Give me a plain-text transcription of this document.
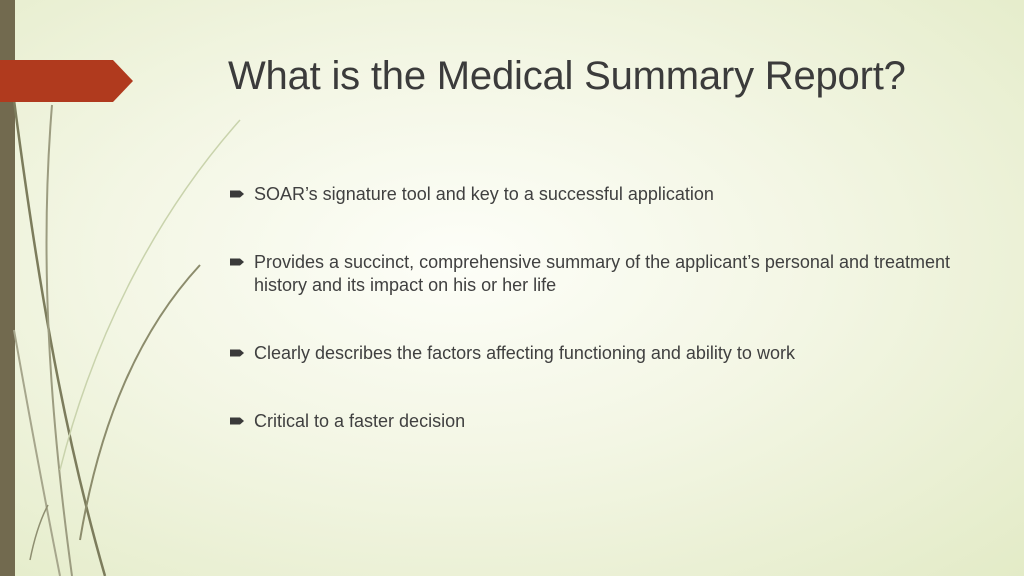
What is the Medical Summary Report?
SOAR’s signature tool and key to a successful application
Provides a succinct, comprehensive summary of the applicant’s personal and treatment history and its impact on his or her life
Clearly describes the factors affecting functioning and ability to work
Critical to a faster decision
